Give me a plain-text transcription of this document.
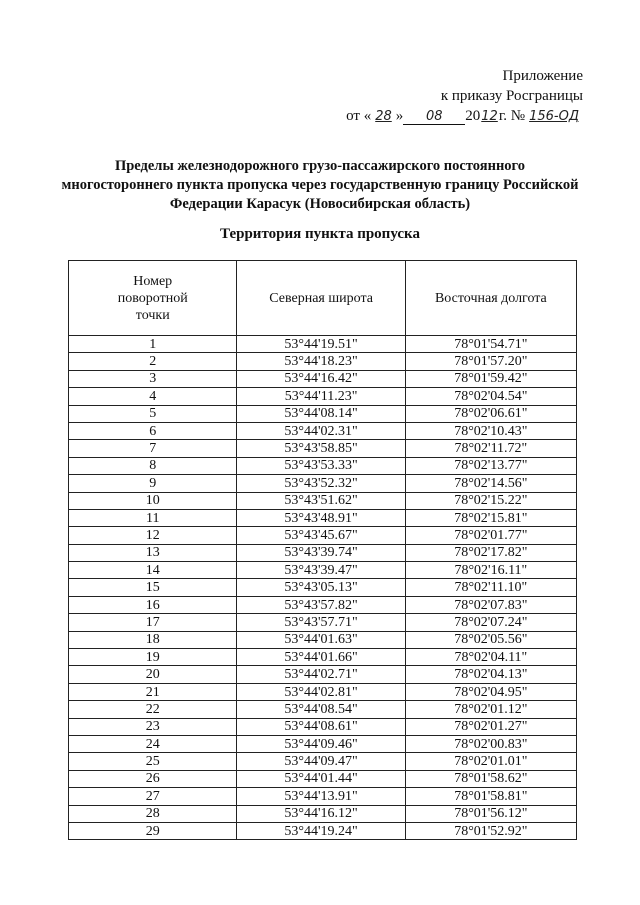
Приложение
к приказу Росграницы
от « 28 » 08 2012г. № 156-ОД
Пределы железнодорожного грузо-пассажирского постоянного многостороннего пункта пропуска через государственную границу Российской Федерации Карасук (Новосибирская область)
Территория пункта пропуска
Номер поворотной точки	Северная широта	Восточная долгота
1	53°44'19.51"	78°01'54.71"
2	53°44'18.23"	78°01'57.20"
3	53°44'16.42"	78°01'59.42"
4	53°44'11.23"	78°02'04.54"
5	53°44'08.14"	78°02'06.61"
6	53°44'02.31"	78°02'10.43"
7	53°43'58.85"	78°02'11.72"
8	53°43'53.33"	78°02'13.77"
9	53°43'52.32"	78°02'14.56"
10	53°43'51.62"	78°02'15.22"
11	53°43'48.91"	78°02'15.81"
12	53°43'45.67"	78°02'01.77"
13	53°43'39.74"	78°02'17.82"
14	53°43'39.47"	78°02'16.11"
15	53°43'05.13"	78°02'11.10"
16	53°43'57.82"	78°02'07.83"
17	53°43'57.71"	78°02'07.24"
18	53°44'01.63"	78°02'05.56"
19	53°44'01.66"	78°02'04.11"
20	53°44'02.71"	78°02'04.13"
21	53°44'02.81"	78°02'04.95"
22	53°44'08.54"	78°02'01.12"
23	53°44'08.61"	78°02'01.27"
24	53°44'09.46"	78°02'00.83"
25	53°44'09.47"	78°02'01.01"
26	53°44'01.44"	78°01'58.62"
27	53°44'13.91"	78°01'58.81"
28	53°44'16.12"	78°01'56.12"
29	53°44'19.24"	78°01'52.92"
